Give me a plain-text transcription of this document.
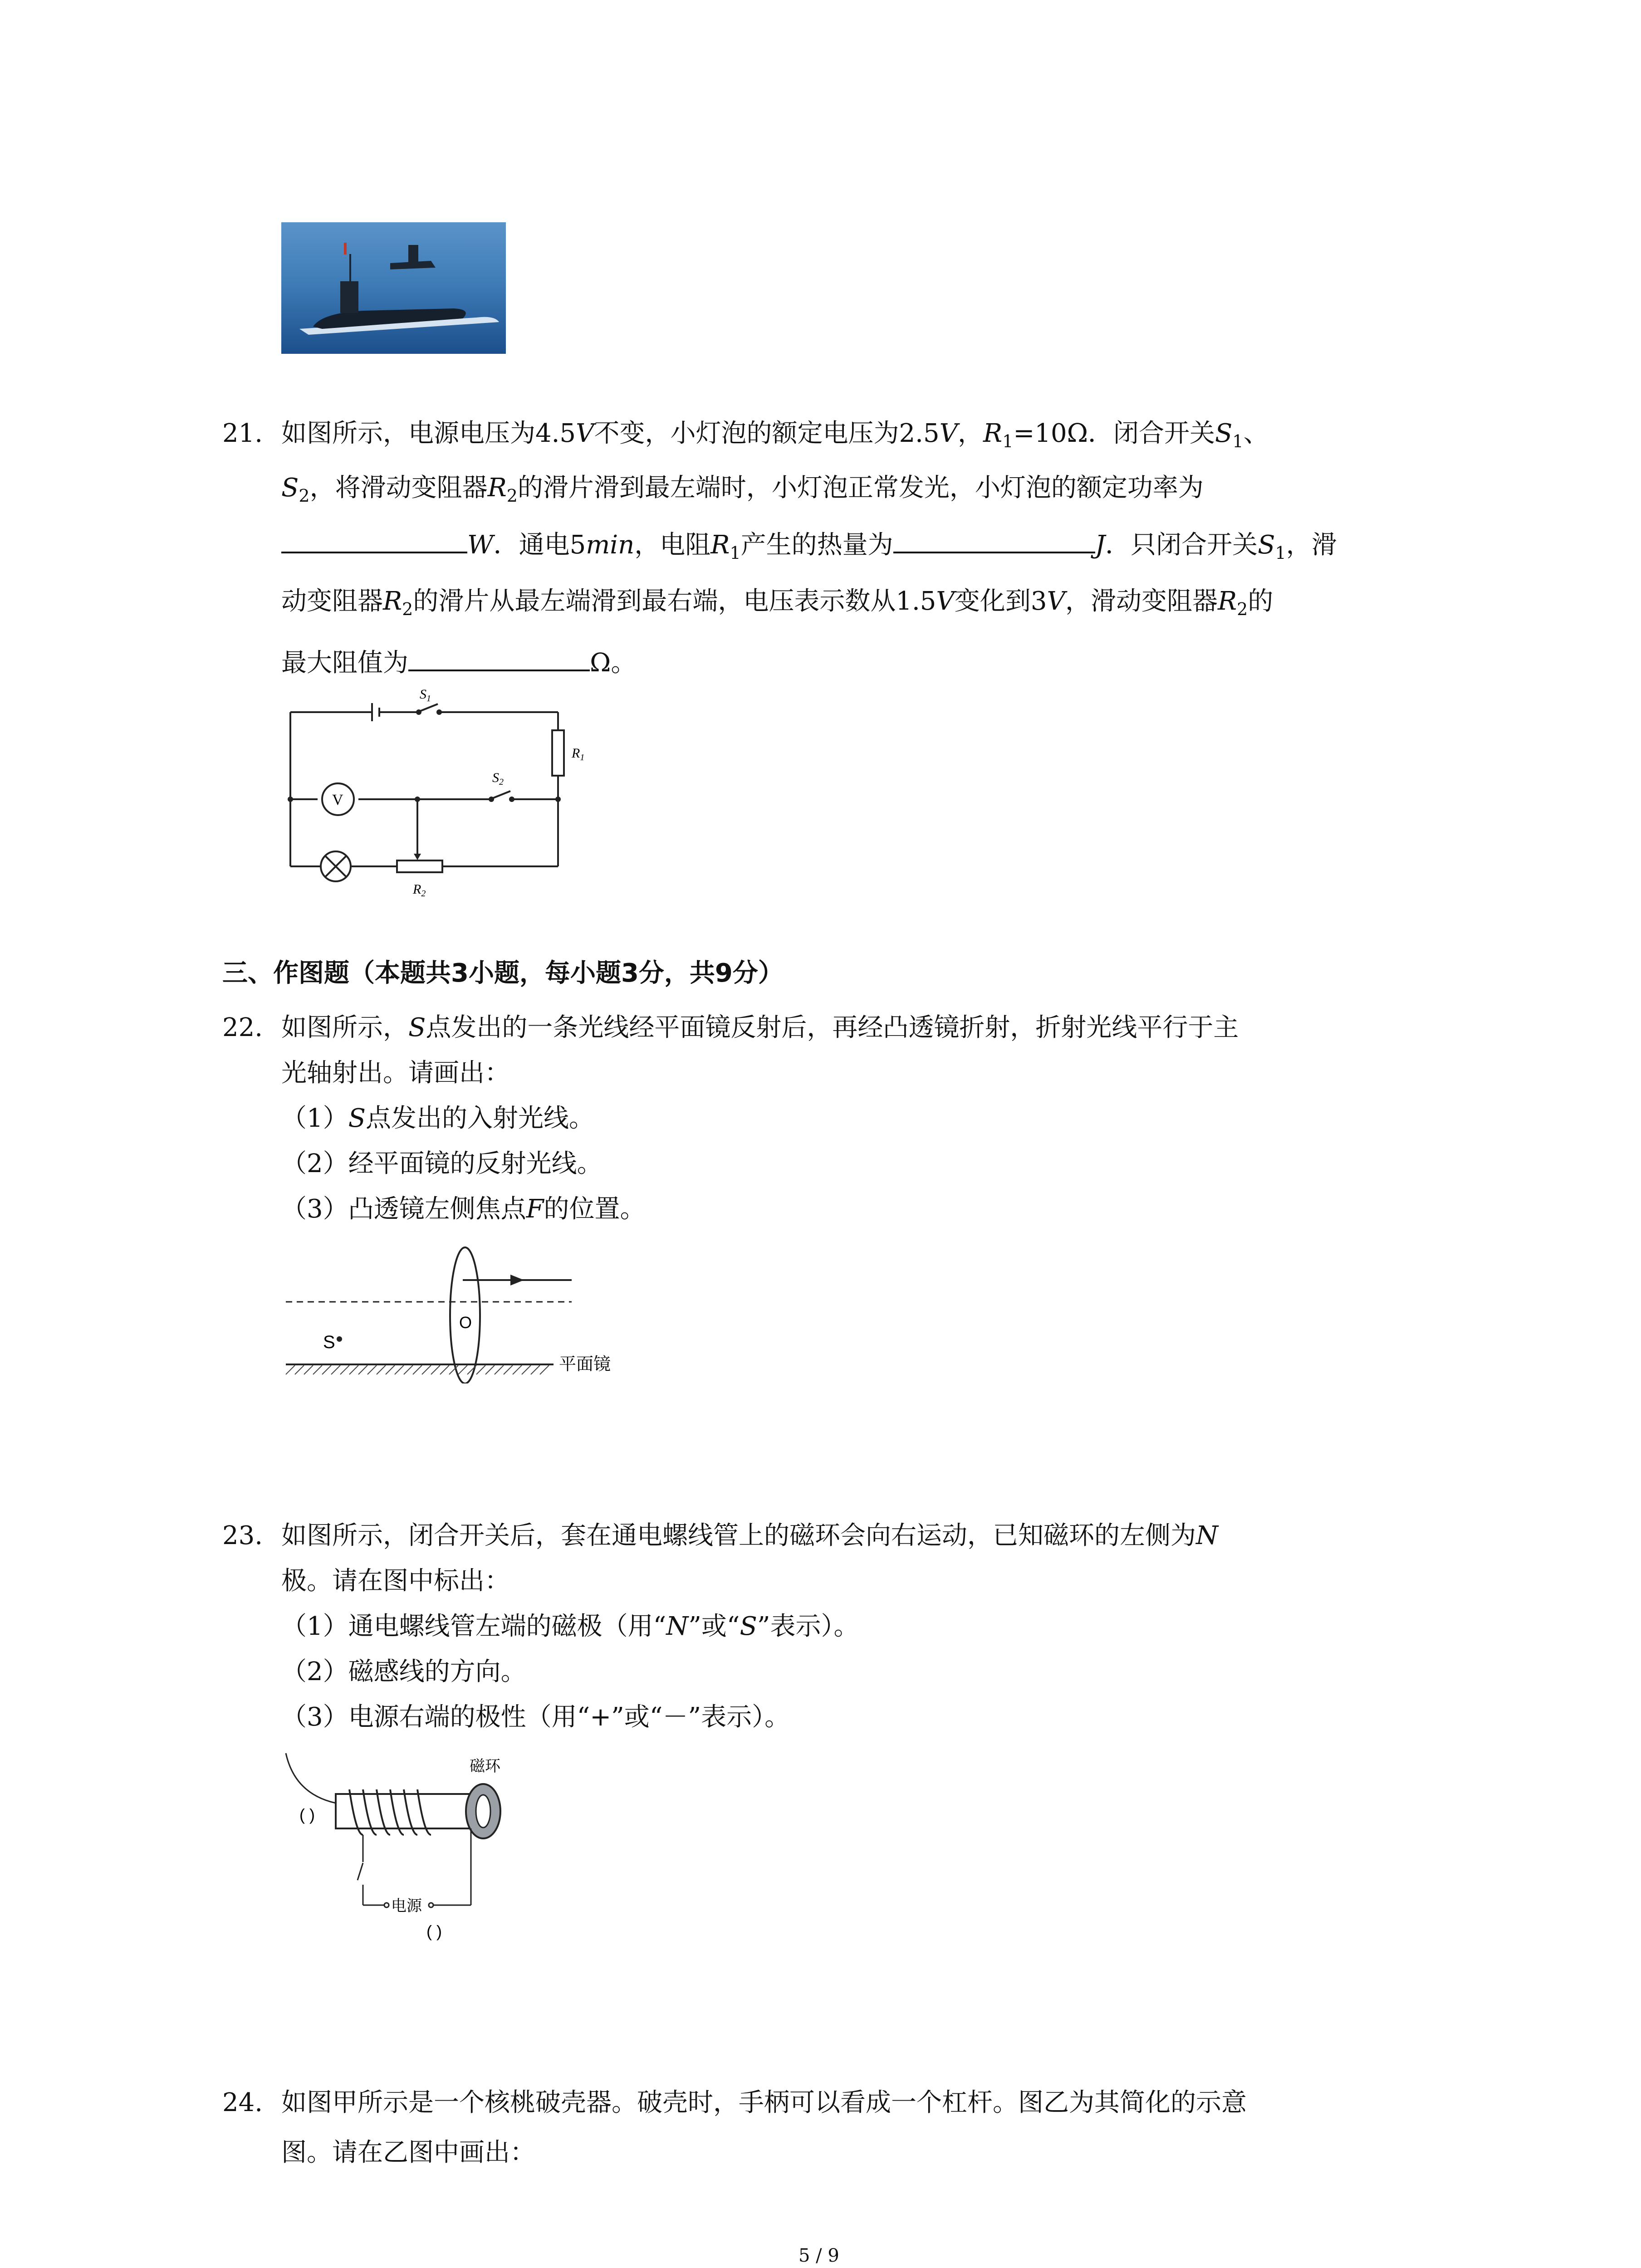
21. 如图所示，电源电压为4.5V不变，小灯泡的额定电压为2.5V，$R_1=10\Omega$．闭合开关$S_1$、
$S_2$，将滑动变阻器$R_2$的滑片滑到最左端时，小灯泡正常发光，小灯泡的额定功率为
W．通电5min，电阻$R_1$产生的热量为	J．只闭合开关$S_1$，滑
动变阻器$R_2$的滑片从最左端滑到最右端，电压表示数从1.5V变化到3V，滑动变阻器$R_2$的
最大阻值为	Ω。
$S_1$
$R_1$
V
$S_2$
$R_2$
三、作图题（本题共3小题，每小题3分，共9分）
22. 如图所示，S点发出的一条光线经平面镜反射后，再经凸透镜折射，折射光线平行于主
光轴射出。请画出：
（1）S点发出的入射光线。
（2）经平面镜的反射光线。
（3）凸透镜左侧焦点F的位置。
O
S
平面镜
23. 如图所示，闭合开关后，套在通电螺线管上的磁环会向右运动，已知磁环的左侧为N
极。请在图中标出：
（1）通电螺线管左端的磁极（用“N”或“S”表示）。
（2）磁感线的方向。
（3）电源右端的极性（用“+”或“－”表示）。
磁环
( )
电源
( )
24. 如图甲所示是一个核桃破壳器。破壳时，手柄可以看成一个杠杆。图乙为其简化的示意
图。请在乙图中画出：
5 / 9
